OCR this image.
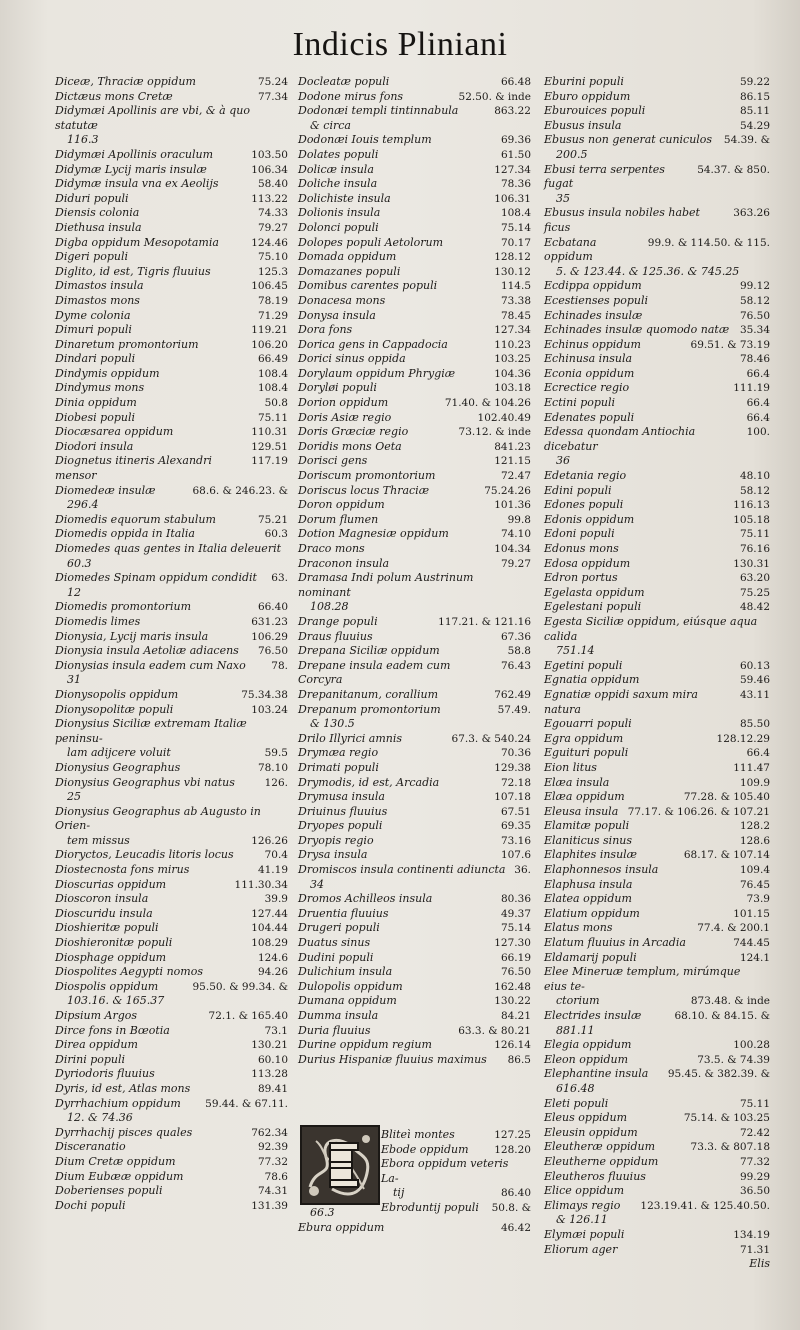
Indicis Pliniani
Diceæ, Thraciæ oppidum	75.24
Dictæus mons Cretæ	77.34
Didymæi Apollinis are vbi, & à quo statutæ
116.3
Didymæi Apollinis oraculum	103.50
Didymæ Lycij maris insulæ	106.34
Didymæ insula vna ex Aeolijs	58.40
Diduri populi	113.22
Diensis colonia	74.33
Diethusa insula	79.27
Digba oppidum Mesopotamia	124.46
Digeri populi	75.10
Diglito, id est, Tigris fluuius	125.3
Dimastos insula	106.45
Dimastos mons	78.19
Dyme colonia	71.29
Dimuri populi	119.21
Dinaretum promontorium	106.20
Dindari populi	66.49
Dindymis oppidum	108.4
Dindymus mons	108.4
Dinia oppidum	50.8
Diobesi populi	75.11
Diocæsarea oppidum	110.31
Diodori insula	129.51
Diognetus itineris Alexandri mensor
117.19
Diomedeæ insulæ	68.6. & 246.23. &
296.4
Diomedis equorum stabulum	75.21
Diomedis oppida in Italia	60.3
Diomedes quas gentes in Italia deleuerit
60.3
Diomedes Spinam oppidum condidit	63.
12
Diomedis promontorium	66.40
Diomedis limes	631.23
Dionysia, Lycij maris insula	106.29
Dionysia insula Aetoliæ adiacens	76.50
Dionysias insula eadem cum Naxo	78.
31
Dionysopolis oppidum	75.34.38
Dionysopolitæ populi	103.24
Dionysius Siciliæ extremam Italiæ peninsu-
lam adijcere voluit	59.5
Dionysius Geographus	78.10
Dionysius Geographus vbi natus	126.
25
Dionysius Geographus ab Augusto in Orien-
tem missus	126.26
Dioryctos, Leucadis litoris locus	70.4
Diostecnosta fons mirus	41.19
Dioscurias oppidum	111.30.34
Dioscoron insula	39.9
Dioscuridu insula	127.44
Dioshieritæ populi	104.44
Dioshieronitæ populi	108.29
Diosphage oppidum	124.6
Diospolites Aegypti nomos	94.26
Diospolis oppidum	95.50. & 99.34. &
103.16. & 165.37
Dipsium Argos	72.1. & 165.40
Dirce fons in Bœotia	73.1
Direa oppidum	130.21
Dirini populi	60.10
Dyriodoris fluuius	113.28
Dyris, id est, Atlas mons	89.41
Dyrrhachium oppidum	59.44. & 67.11.
12. & 74.36
Dyrrhachij pisces quales	762.34
Disceranatio	92.39
Dium Cretæ oppidum	77.32
Dium Eubææ oppidum	78.6
Doberienses populi	74.31
Dochi populi	131.39
Docleatæ populi	66.48
Dodone mirus fons	52.50. & inde
Dodonæi templi tintinnabula	863.22
& circa
Dodonæi Iouis templum	69.36
Dolates populi	61.50
Dolicæ insula	127.34
Doliche insula	78.36
Dolichiste insula	106.31
Dolionis insula	108.4
Dolonci populi	75.14
Dolopes populi Aetolorum	70.17
Domada oppidum	128.12
Domazanes populi	130.12
Domibus carentes populi	114.5
Donacesa mons	73.38
Donysa insula	78.45
Dora fons	127.34
Dorica gens in Cappadocia	110.23
Dorici sinus oppida	103.25
Dorylaum oppidum Phrygiæ	104.36
Doryløi populi	103.18
Dorion oppidum	71.40. & 104.26
Doris Asiæ regio	102.40.49
Doris Græciæ regio	73.12. & inde
Doridis mons Oeta	841.23
Dorisci gens	121.15
Doriscum promontorium	72.47
Doriscus locus Thraciæ	75.24.26
Doron oppidum	101.36
Dorum flumen	99.8
Dotion Magnesiæ oppidum	74.10
Draco mons	104.34
Draconon insula	79.27
Dramasa Indi polum Austrinum nominant
108.28
Drange populi	117.21. & 121.16
Draus fluuius	67.36
Drepana Siciliæ oppidum	58.8
Drepane insula eadem cum Corcyra
76.43
Drepanitanum, corallium	762.49
Drepanum promontorium	57.49.
& 130.5
Drilo Illyrici amnis	67.3. & 540.24
Drymæa regio	70.36
Drimati populi	129.38
Drymodis, id est, Arcadia	72.18
Drymusa insula	107.18
Driuinus fluuius	67.51
Dryopes populi	69.35
Dryopis regio	73.16
Drysa insula	107.6
Dromiscos insula continenti adiuncta 36.
34
Dromos Achilleos insula	80.36
Druentia fluuius	49.37
Drugeri populi	75.14
Duatus sinus	127.30
Dudini populi	66.19
Dulichium insula	76.50
Dulopolis oppidum	162.48
Dumana oppidum	130.22
Dumma insula	84.21
Duria fluuius	63.3. & 80.21
Durine oppidum regium	126.14
Durius Hispaniæ fluuius maximus	86.5
Bliteì montes	127.25
Ebode oppidum	128.20
Ebora oppidum veteris La-
tij	86.40
Ebroduntij populi	50.8. &
66.3
Ebura oppidum	46.42
Eburini populi	59.22
Eburo oppidum	86.15
Eburouices populi	85.11
Ebusus insula	54.29
Ebusus non generat cuniculos	54.39. &
200.5
Ebusi terra serpentes fugat
54.37. & 850.
35
Ebusus insula nobiles habet ficus
363.26
Ecbatana oppidum
99.9. & 114.50. & 115.
5. & 123.44. & 125.36. & 745.25
Ecdippa oppidum	99.12
Ecestienses populi	58.12
Echinades insulæ	76.50
Echinades insulæ quomodo natæ	35.34
Echinus oppidum	69.51. & 73.19
Echinusa insula	78.46
Econia oppidum	66.4
Ecrectice regio	111.19
Ectini populi	66.4
Edenates populi	66.4
Edessa quondam Antiochia dicebatur
100.
36
Edetania regio	48.10
Edini populi	58.12
Edones populi	116.13
Edonis oppidum	105.18
Edoni populi	75.11
Edonus mons	76.16
Edosa oppidum	130.31
Edron portus	63.20
Egelasta oppidum	75.25
Egelestani populi	48.42
Egesta Siciliæ oppidum, eiúsque aqua calida
751.14
Egetini populi	60.13
Egnatia oppidum	59.46
Egnatiæ oppidi saxum mira natura
43.11
Egouarri populi	85.50
Egra oppidum	128.12.29
Eguituri populi	66.4
Eion litus	111.47
Elæa insula	109.9
Elæa oppidum	77.28. & 105.40
Eleusa insula 77.17. & 106.26. & 107.21
Elamitæ populi	128.2
Elaniticus sinus	128.6
Elaphites insulæ	68.17. & 107.14
Elaphonnesos insula	109.4
Elaphusa insula	76.45
Elatea oppidum	73.9
Elatium oppidum	101.15
Elatus mons	77.4. & 200.1
Elatum fluuius in Arcadia	744.45
Eldamarij populi	124.1
Elee Mineruæ templum, mirúmque eius te-
ctorium	873.48. & inde
Electrides insulæ	68.10. & 84.15. &
881.11
Elegia oppidum	100.28
Eleon oppidum	73.5. & 74.39
Elephantine insula	95.45. & 382.39. &
616.48
Eleti populi	75.11
Eleus oppidum	75.14. & 103.25
Eleusin oppidum	72.42
Eleutheræ oppidum	73.3. & 807.18
Eleutherne oppidum	77.32
Eleutheros fluuius	99.29
Elice oppidum	36.50
Elimays regio	123.19.41. & 125.40.50.
& 126.11
Elymæi populi	134.19
Eliorum ager	71.31
Elis
